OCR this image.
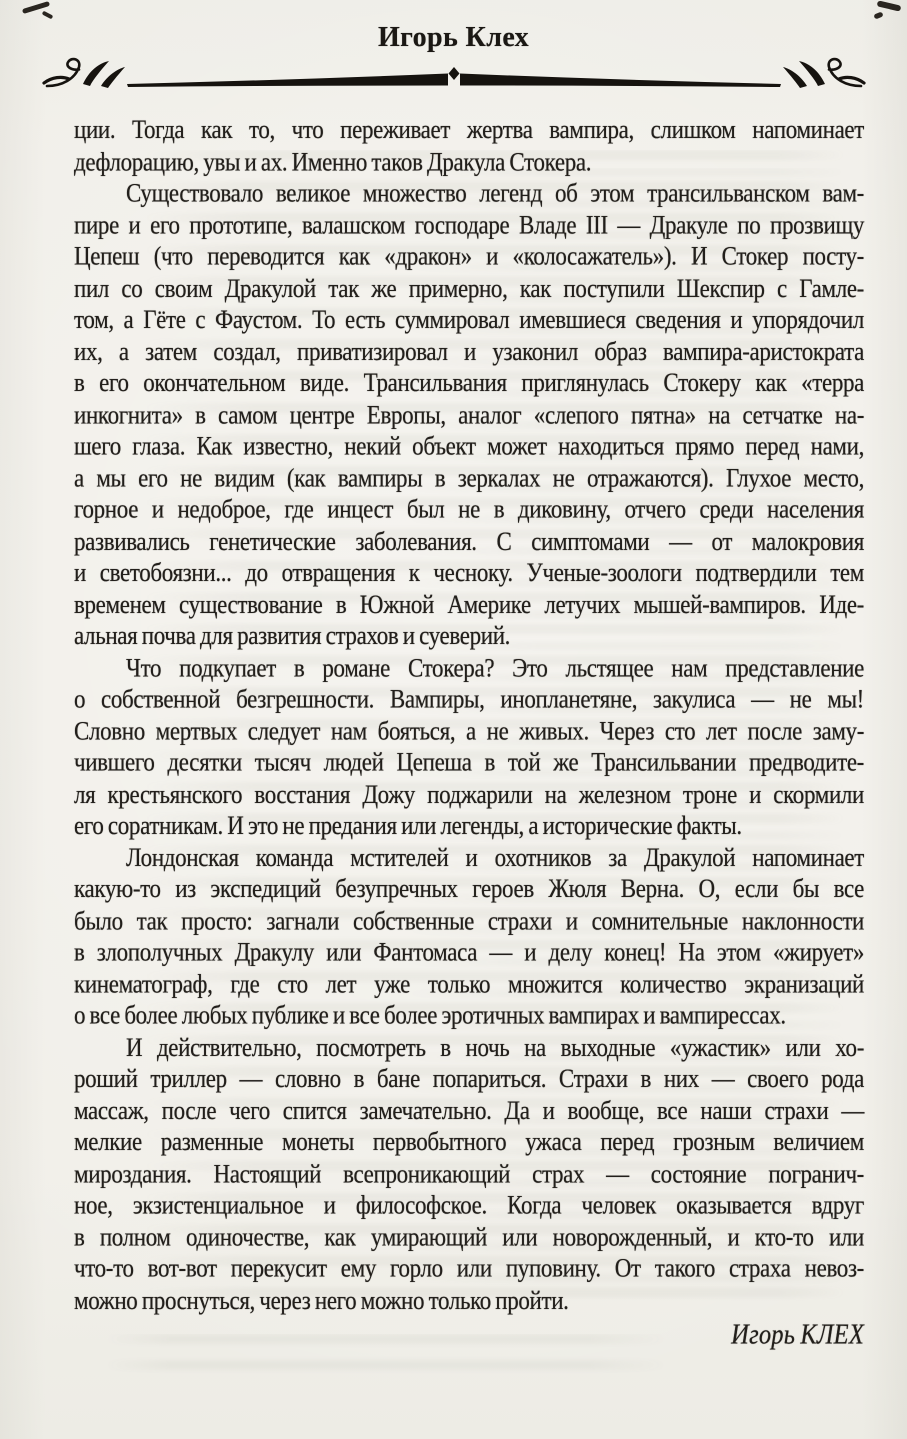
Игорь Клех
ции. Тогда как то, что переживает жертва вампира, слишком напоминает
дефлорацию, увы и ах. Именно таков Дракула Стокера.
Существовало великое множество легенд об этом трансильванском вам-
пире и его прототипе, валашском господаре Владе III — Дракуле по прозвищу
Цепеш (что переводится как «дракон» и «колосажатель»). И Стокер посту-
пил со своим Дракулой так же примерно, как поступили Шекспир с Гамле-
том, а Гёте с Фаустом. То есть суммировал имевшиеся сведения и упорядочил
их, а затем создал, приватизировал и узаконил образ вампира-аристократа
в его окончательном виде. Трансильвания приглянулась Стокеру как «терра
инкогнита» в самом центре Европы, аналог «слепого пятна» на сетчатке на-
шего глаза. Как известно, некий объект может находиться прямо перед нами,
а мы его не видим (как вампиры в зеркалах не отражаются). Глухое место,
горное и недоброе, где инцест был не в диковину, отчего среди населения
развивались генетические заболевания. С симптомами — от малокровия
и светобоязни... до отвращения к чесноку. Ученые-зоологи подтвердили тем
временем существование в Южной Америке летучих мышей-вампиров. Иде-
альная почва для развития страхов и суеверий.
Что подкупает в романе Стокера? Это льстящее нам представление
о собственной безгрешности. Вампиры, инопланетяне, закулиса — не мы!
Словно мертвых следует нам бояться, а не живых. Через сто лет после заму-
чившего десятки тысяч людей Цепеша в той же Трансильвании предводите-
ля крестьянского восстания Дожу поджарили на железном троне и скормили
его соратникам. И это не предания или легенды, а исторические факты.
Лондонская команда мстителей и охотников за Дракулой напоминает
какую-то из экспедиций безупречных героев Жюля Верна. О, если бы все
было так просто: загнали собственные страхи и сомнительные наклонности
в злополучных Дракулу или Фантомаса — и делу конец! На этом «жирует»
кинематограф, где сто лет уже только множится количество экранизаций
о все более любых публике и все более эротичных вампирах и вампирессах.
И действительно, посмотреть в ночь на выходные «ужастик» или хо-
роший триллер — словно в бане попариться. Страхи в них — своего рода
массаж, после чего спится замечательно. Да и вообще, все наши страхи —
мелкие разменные монеты первобытного ужаса перед грозным величием
мироздания. Настоящий всепроникающий страх — состояние погранич-
ное, экзистенциальное и философское. Когда человек оказывается вдруг
в полном одиночестве, как умирающий или новорожденный, и кто-то или
что-то вот-вот перекусит ему горло или пуповину. От такого страха невоз-
можно проснуться, через него можно только пройти.
Игорь КЛЕХ
